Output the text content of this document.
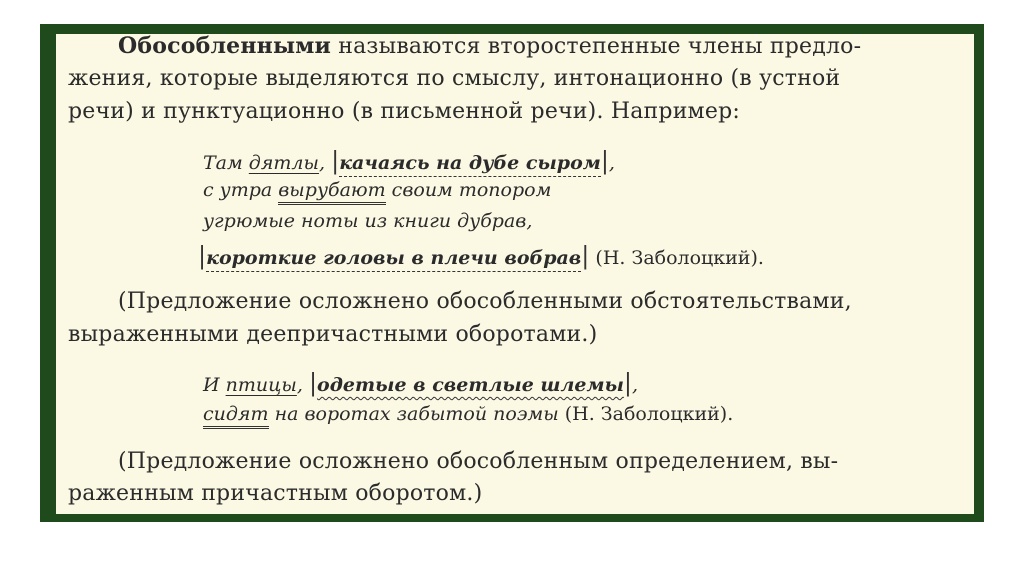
Обособленными называются второстепенные члены предло-
жения, которые выделяются по смыслу, интонационно (в устной
речи) и пунктуационно (в письменной речи). Например:
Там дятлы, |качаясь на дубе сыром|,
с утра вырубают своим топором
угрюмые ноты из книги дубрав,
|короткие головы в плечи вобрав| (Н. Заболоцкий).
(Предложение осложнено обособленными обстоятельствами,
выраженными деепричастными оборотами.)
И птицы, |одетые в светлые шлемы|,
сидят на воротах забытой поэмы (Н. Заболоцкий).
(Предложение осложнено обособленным определением, вы-
раженным причастным оборотом.)
